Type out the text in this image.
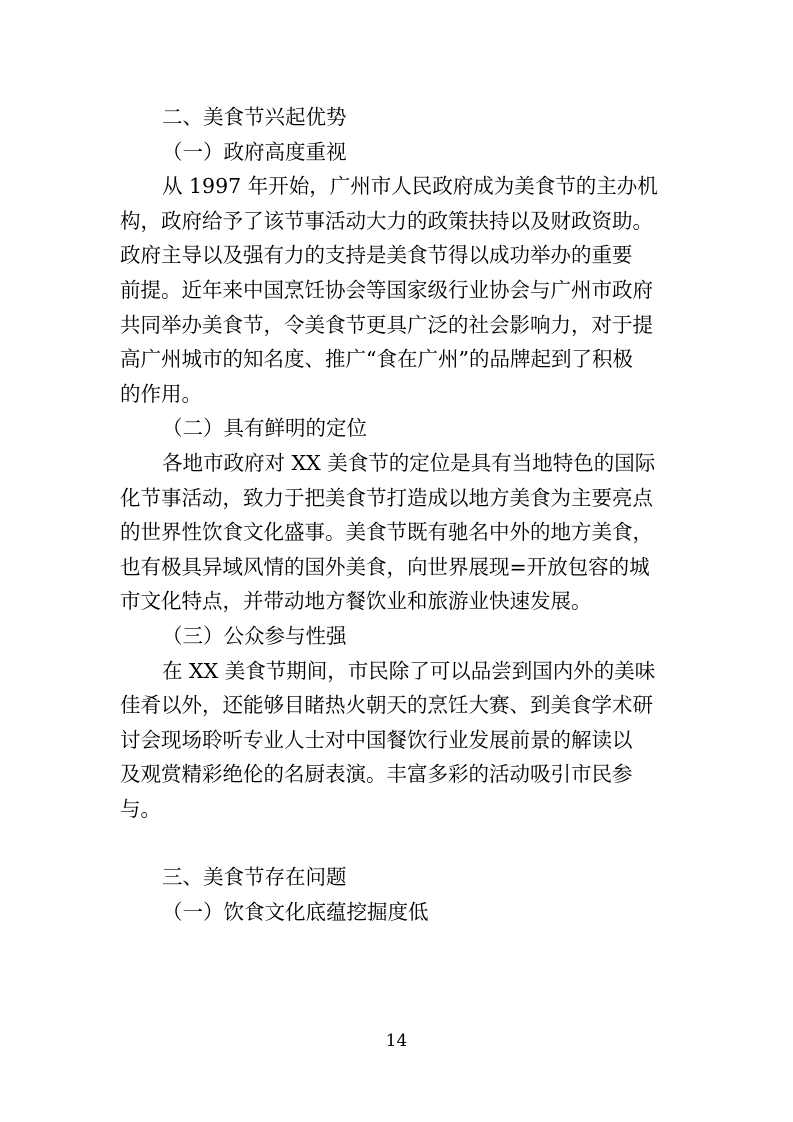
二、美食节兴起优势

（一）政府高度重视

从 1997 年开始，广州市人民政府成为美食节的主办机

构，政府给予了该节事活动大力的政策扶持以及财政资助。

政府主导以及强有力的支持是美食节得以成功举办的重要

前提。近年来中国烹饪协会等国家级行业协会与广州市政府

共同举办美食节，令美食节更具广泛的社会影响力，对于提

高广州城市的知名度、推广“食在广州”的品牌起到了积极

的作用。

（二）具有鲜明的定位

各地市政府对 XX 美食节的定位是具有当地特色的国际

化节事活动，致力于把美食节打造成以地方美食为主要亮点

的世界性饮食文化盛事。美食节既有驰名中外的地方美食，

也有极具异域风情的国外美食，向世界展现=开放包容的城

市文化特点，并带动地方餐饮业和旅游业快速发展。

（三）公众参与性强

在 XX 美食节期间，市民除了可以品尝到国内外的美味

佳肴以外，还能够目睹热火朝天的烹饪大赛、到美食学术研

讨会现场聆听专业人士对中国餐饮行业发展前景的解读以

及观赏精彩绝伦的名厨表演。丰富多彩的活动吸引市民参

与。

三、美食节存在问题

（一）饮食文化底蕴挖掘度低

14
